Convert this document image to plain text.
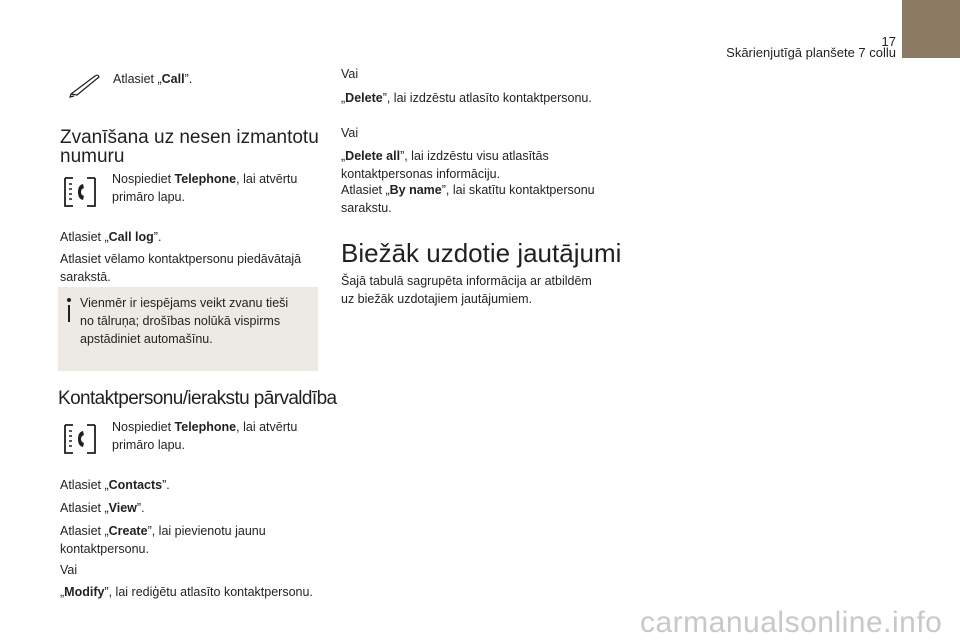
17
Skārienjutīgā planšete 7 collu
Atlasiet „Call”.
Zvanīšana uz nesen izmantotu numuru
Nospiediet Telephone, lai atvērtu primāro lapu.
Atlasiet „Call log”.
Atlasiet vēlamo kontaktpersonu piedāvātajā sarakstā.
Vienmēr ir iespējams veikt zvanu tieši no tālruņa; drošības nolūkā vispirms apstādiniet automašīnu.
Kontaktpersonu/ierakstu pārvaldība
Nospiediet Telephone, lai atvērtu primāro lapu.
Atlasiet „Contacts”.
Atlasiet „View”.
Atlasiet „Create”, lai pievienotu jaunu kontaktpersonu.
Vai
„Modify”, lai rediģētu atlasīto kontaktpersonu.
Vai
„Delete”, lai izdzēstu atlasīto kontaktpersonu.
Vai
„Delete all”, lai izdzēstu visu atlasītās kontaktpersonas informāciju.
Atlasiet „By name”, lai skatītu kontaktpersonu sarakstu.
Biežāk uzdotie jautājumi
Šajā tabulā sagrupēta informācija ar atbildēm uz biežāk uzdotajiem jautājumiem.
carmanualsonline.info
